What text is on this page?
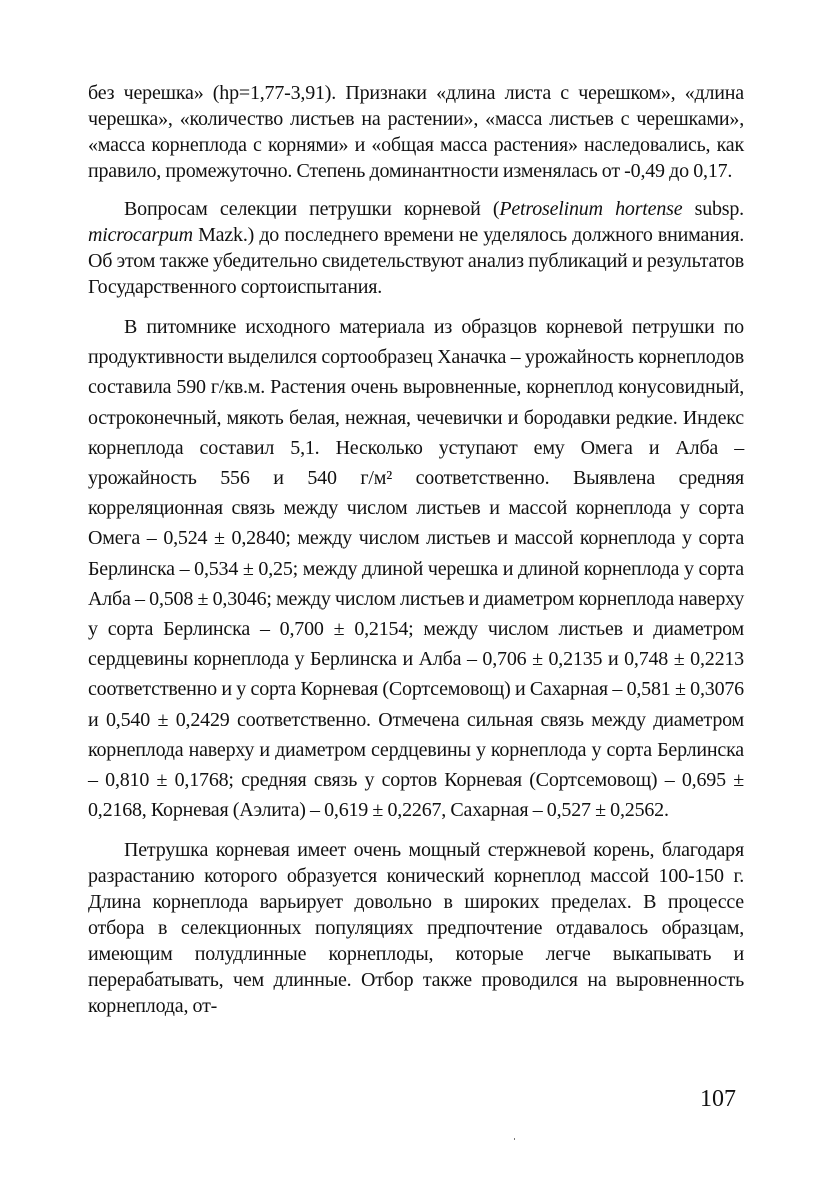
без черешка» (hp=1,77-3,91). Признаки «длина листа с черешком», «длина черешка», «количество листьев на растении», «масса листьев с черешками», «масса корнеплода с корнями» и «общая масса растения» наследовались, как правило, промежуточно. Степень доминантности изменялась от -0,49 до 0,17.

Вопросам селекции петрушки корневой (Petroselinum hortense subsp. microcarpum Mazk.) до последнего времени не уделялось должного внимания. Об этом также убедительно свидетельствуют анализ публикаций и результатов Государственного сортоиспытания.

В питомнике исходного материала из образцов корневой петрушки по продуктивности выделился сортообразец Ханачка – урожайность корнеплодов составила 590 г/кв.м. Растения очень выровненные, корнеплод конусовидный, остроконечный, мякоть белая, нежная, чечевички и бородавки редкие. Индекс корнеплода составил 5,1. Несколько уступают ему Омега и Алба – урожайность 556 и 540 г/м² соответственно. Выявлена средняя корреляционная связь между числом листьев и массой корнеплода у сорта Омега – 0,524 ± 0,2840; между числом листьев и массой корнеплода у сорта Берлинска – 0,534 ± 0,25; между длиной черешка и длиной корнеплода у сорта Алба – 0,508 ± 0,3046; между числом листьев и диаметром корнеплода наверху у сорта Берлинска – 0,700 ± 0,2154; между числом листьев и диаметром сердцевины корнеплода у Берлинска и Алба – 0,706 ± 0,2135 и 0,748 ± 0,2213 соответственно и у сорта Корневая (Сортсемовощ) и Сахарная – 0,581 ± 0,3076 и 0,540 ± 0,2429 соответственно. Отмечена сильная связь между диаметром корнеплода наверху и диаметром сердцевины у корнеплода у сорта Берлинска – 0,810 ± 0,1768; средняя связь у сортов Корневая (Сортсемовощ) – 0,695 ± 0,2168, Корневая (Аэлита) – 0,619 ± 0,2267, Сахарная – 0,527 ± 0,2562.

Петрушка корневая имеет очень мощный стержневой корень, благодаря разрастанию которого образуется конический корнеплод массой 100-150 г. Длина корнеплода варьирует довольно в широких пределах. В процессе отбора в селекционных популяциях предпочтение отдавалось образцам, имеющим полудлинные корнеплоды, которые легче выкапывать и перерабатывать, чем длинные. Отбор также проводился на выровненность корнеплода, от-

107
